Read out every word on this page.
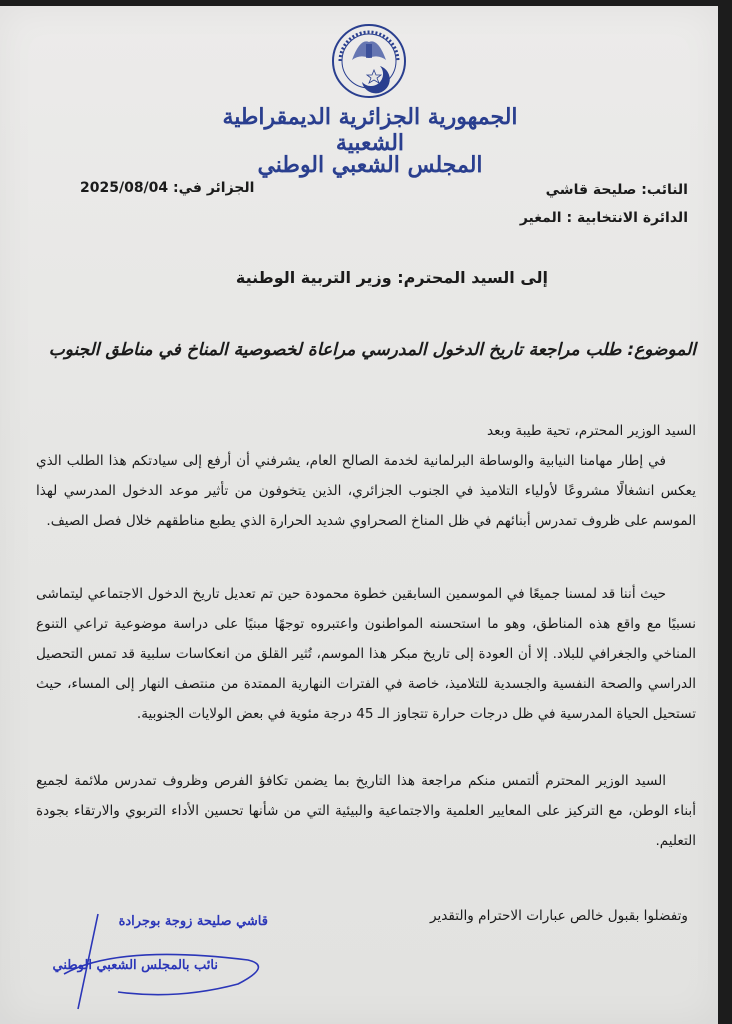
الجمهورية الجزائرية الديمقراطية الشعبية
المجلس الشعبي الوطني
النائب: صليحة قاشي
الدائرة الانتخابية : المغير
الجزائر في: 2025/08/04
إلى السيد المحترم: وزير التربية الوطنية
الموضوع: طلب مراجعة تاريخ الدخول المدرسي مراعاة لخصوصية المناخ في مناطق الجنوب

السيد الوزير المحترم، تحية طيبة وبعد

في إطار مهامنا النيابية والوساطة البرلمانية لخدمة الصالح العام، يشرفني أن أرفع إلى سيادتكم هذا الطلب الذي يعكس انشغالًا مشروعًا لأولياء التلاميذ في الجنوب الجزائري، الذين يتخوفون من تأثير موعد الدخول المدرسي لهذا الموسم على ظروف تمدرس أبنائهم في ظل المناخ الصحراوي شديد الحرارة الذي يطبع مناطقهم خلال فصل الصيف.

حيث أننا قد لمسنا جميعًا في الموسمين السابقين خطوة محمودة حين تم تعديل تاريخ الدخول الاجتماعي ليتماشى نسبيًا مع واقع هذه المناطق، وهو ما استحسنه المواطنون واعتبروه توجهًا مبنيًا على دراسة موضوعية تراعي التنوع المناخي والجغرافي للبلاد. إلا أن العودة إلى تاريخ مبكر هذا الموسم، تُثير القلق من انعكاسات سلبية قد تمس التحصيل الدراسي والصحة النفسية والجسدية للتلاميذ، خاصة في الفترات النهارية الممتدة من منتصف النهار إلى المساء، حيث تستحيل الحياة المدرسية في ظل درجات حرارة تتجاوز الـ 45 درجة مئوية في بعض الولايات الجنوبية.

السيد الوزير المحترم ألتمس منكم مراجعة هذا التاريخ بما يضمن تكافؤ الفرص وظروف تمدرس ملائمة لجميع أبناء الوطن، مع التركيز على المعايير العلمية والاجتماعية والبيئية التي من شأنها تحسين الأداء التربوي والارتقاء بجودة التعليم.

وتفضلوا بقبول خالص عبارات الاحترام والتقدير
قاشي صليحة زوجة بوجرادة
نائب بالمجلس الشعبي الوطني
